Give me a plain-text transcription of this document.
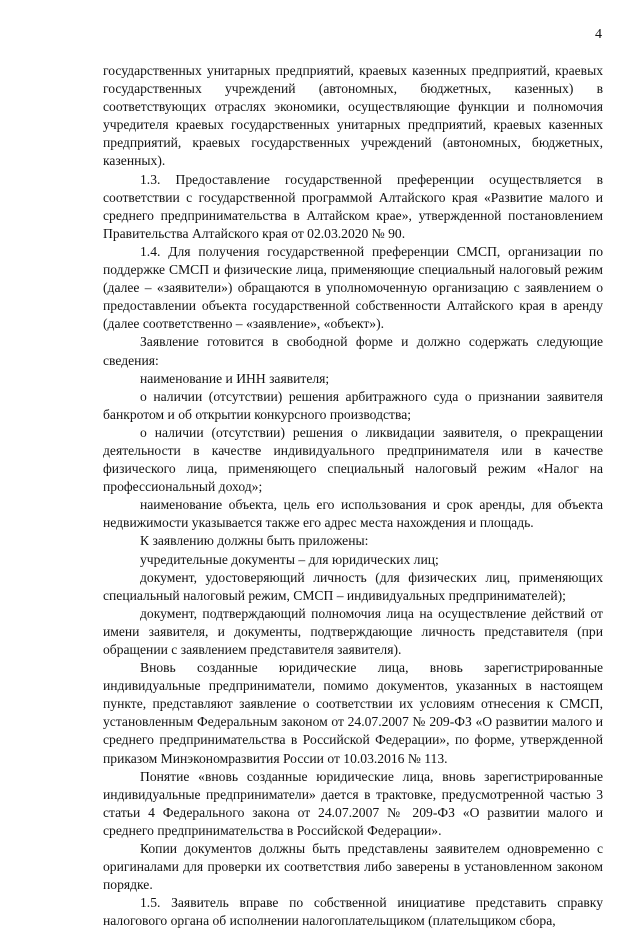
4

государственных унитарных предприятий, краевых казенных предприятий, краевых государственных учреждений (автономных, бюджетных, казенных) в соответствующих отраслях экономики, осуществляющие функции и полномочия учредителя краевых государственных унитарных предприятий, краевых казенных предприятий, краевых государственных учреждений (автономных, бюджетных, казенных).

1.3. Предоставление государственной преференции осуществляется в соответствии с государственной программой Алтайского края «Развитие малого и среднего предпринимательства в Алтайском крае», утвержденной постановлением Правительства Алтайского края от 02.03.2020 № 90.

1.4. Для получения государственной преференции СМСП, организации по поддержке СМСП и физические лица, применяющие специальный налоговый режим (далее – «заявители») обращаются в уполномоченную организацию с заявлением о предоставлении объекта государственной собственности Алтайского края в аренду (далее соответственно – «заявление», «объект»).

Заявление готовится в свободной форме и должно содержать следующие сведения:

наименование и ИНН заявителя;

о наличии (отсутствии) решения арбитражного суда о признании заявителя банкротом и об открытии конкурсного производства;

о наличии (отсутствии) решения о ликвидации заявителя, о прекращении деятельности в качестве индивидуального предпринимателя или в качестве физического лица, применяющего специальный налоговый режим «Налог на профессиональный доход»;

наименование объекта, цель его использования и срок аренды, для объекта недвижимости указывается также его адрес места нахождения и площадь.

К заявлению должны быть приложены:

учредительные документы – для юридических лиц;

документ, удостоверяющий личность (для физических лиц, применяющих специальный налоговый режим, СМСП – индивидуальных предпринимателей);

документ, подтверждающий полномочия лица на осуществление действий от имени заявителя, и документы, подтверждающие личность представителя (при обращении с заявлением представителя заявителя).

Вновь созданные юридические лица, вновь зарегистрированные индивидуальные предприниматели, помимо документов, указанных в настоящем пункте, представляют заявление о соответствии их условиям отнесения к СМСП, установленным Федеральным законом от 24.07.2007 № 209-ФЗ «О развитии малого и среднего предпринимательства в Российской Федерации», по форме, утвержденной приказом Минэкономразвития России от 10.03.2016 № 113.

Понятие «вновь созданные юридические лица, вновь зарегистрированные индивидуальные предприниматели» дается в трактовке, предусмотренной частью 3 статьи 4 Федерального закона от 24.07.2007 № 209-ФЗ «О развитии малого и среднего предпринимательства в Российской Федерации».

Копии документов должны быть представлены заявителем одновременно с оригиналами для проверки их соответствия либо заверены в установленном законом порядке.

1.5. Заявитель вправе по собственной инициативе представить справку налогового органа об исполнении налогоплательщиком (плательщиком сбора,
